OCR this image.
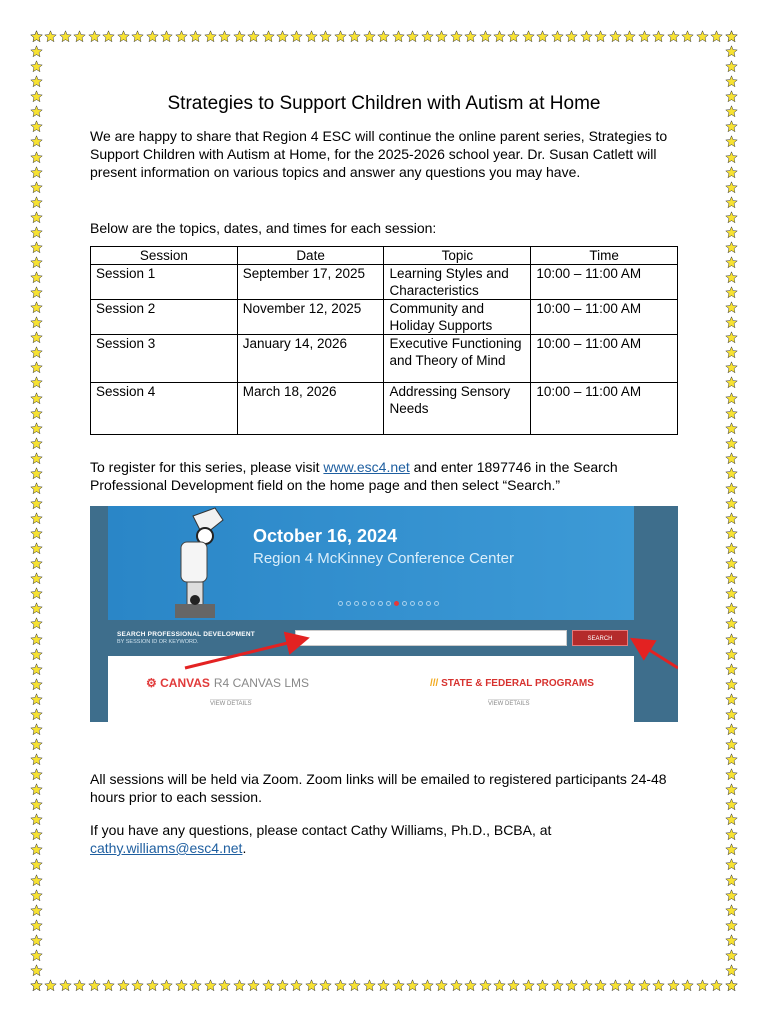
Strategies to Support Children with Autism at Home

We are happy to share that Region 4 ESC will continue the online parent series, Strategies to Support Children with Autism at Home, for the 2025-2026 school year. Dr. Susan Catlett will present information on various topics and answer any questions you may have.

Below are the topics, dates, and times for each session:

Session	Date	Topic	Time
Session 1	September 17, 2025	Learning Styles and Characteristics	10:00 – 11:00 AM
Session 2	November 12, 2025	Community and Holiday Supports	10:00 – 11:00 AM
Session 3	January 14, 2026	Executive Functioning and Theory of Mind	10:00 – 11:00 AM
Session 4	March 18, 2026	Addressing Sensory Needs	10:00 – 11:00 AM

To register for this series, please visit www.esc4.net and enter 1897746 in the Search Professional Development field on the home page and then select “Search.”

October 16, 2024
Region 4 McKinney Conference Center
SEARCH PROFESSIONAL DEVELOPMENT
BY SESSION ID OR KEYWORD.	SEARCH
⚙ CANVAS R4 CANVAS LMS
VIEW DETAILS
/// STATE & FEDERAL PROGRAMS
VIEW DETAILS

All sessions will be held via Zoom. Zoom links will be emailed to registered participants 24-48 hours prior to each session.

If you have any questions, please contact Cathy Williams, Ph.D., BCBA, at cathy.williams@esc4.net.
